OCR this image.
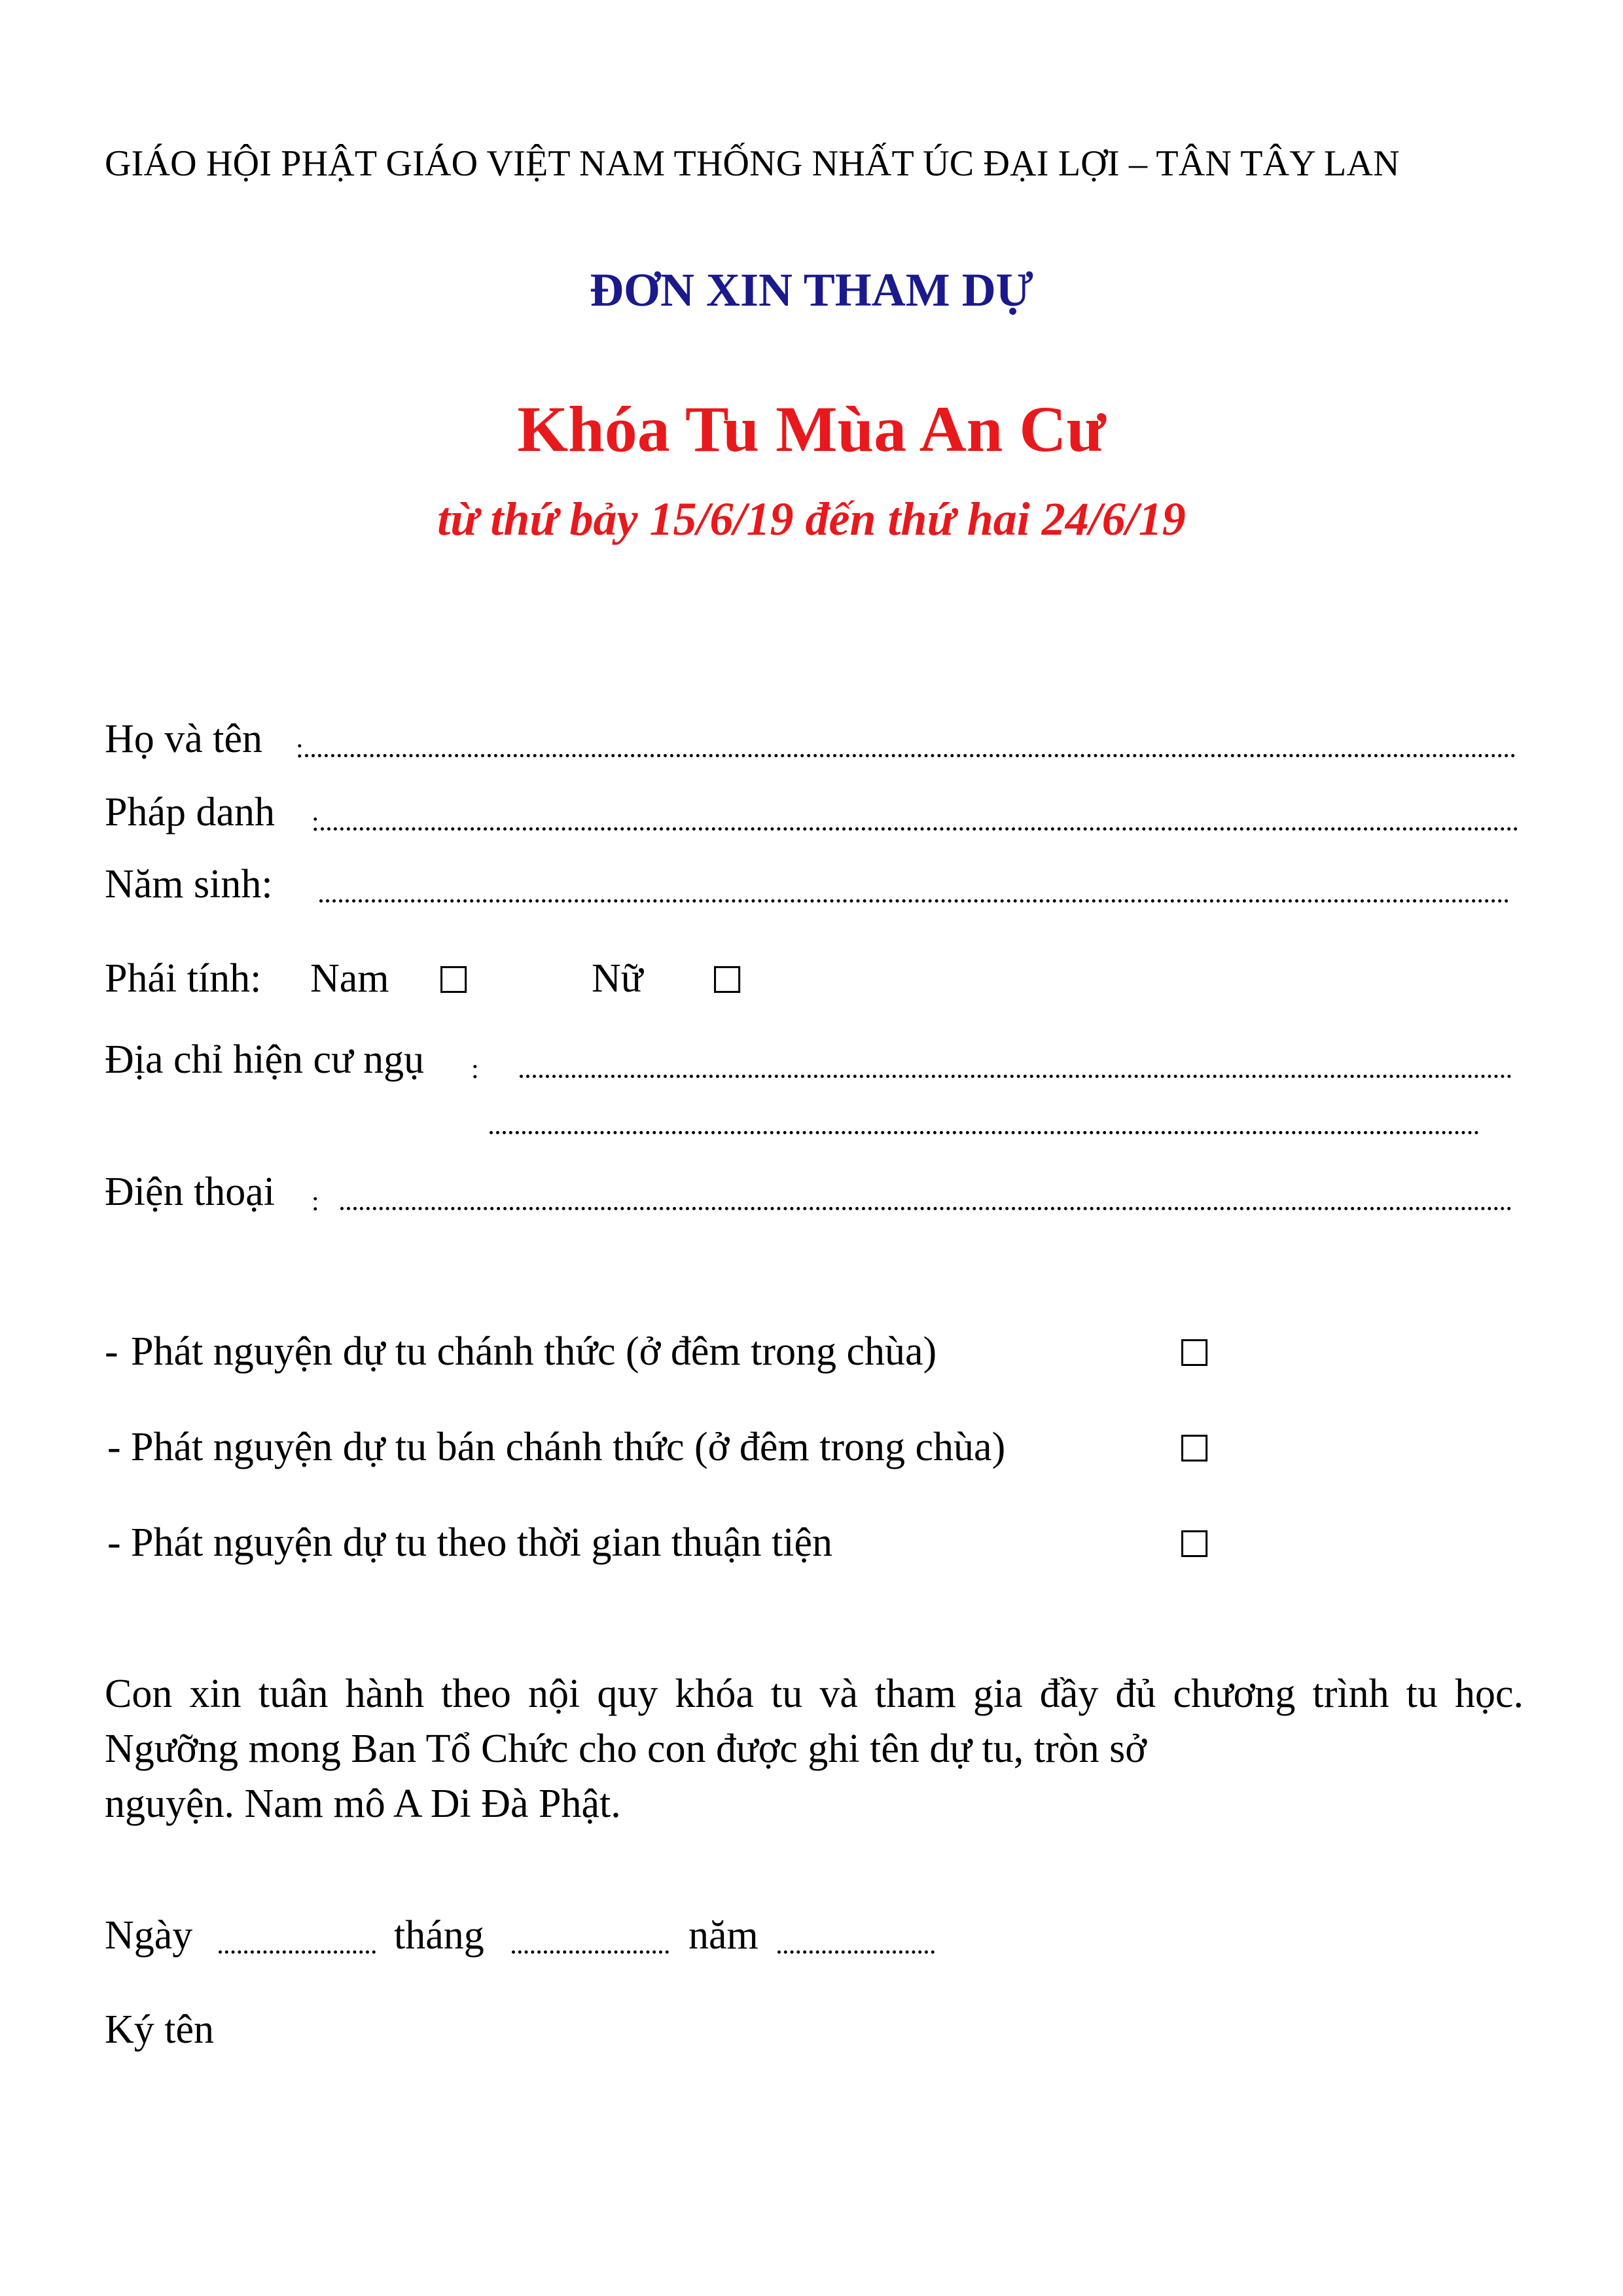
GIÁO HỘI PHẬT GIÁO VIỆT NAM THỐNG NHẤT ÚC ĐẠI LỢI – TÂN TÂY LAN
ĐƠN XIN THAM DỰ
Khóa Tu Mùa An Cư
từ thứ bảy 15/6/19 đến thứ hai 24/6/19
Họ và tên :
Pháp danh :
Năm sinh:
Phái tính: Nam ☐	Nữ ☐
Địa chỉ hiện cư ngụ :
Điện thoại :
- Phát nguyện dự tu chánh thức (ở đêm trong chùa)	☐
- Phát nguyện dự tu bán chánh thức (ở đêm trong chùa)	☐
- Phát nguyện dự tu theo thời gian thuận tiện	☐
Con xin tuân hành theo nội quy khóa tu và tham gia đầy đủ chương trình tu học. Ngưỡng mong Ban Tổ Chức cho con được ghi tên dự tu, tròn sở
nguyện. Nam mô A Di Đà Phật.
Ngày	tháng	năm
Ký tên
